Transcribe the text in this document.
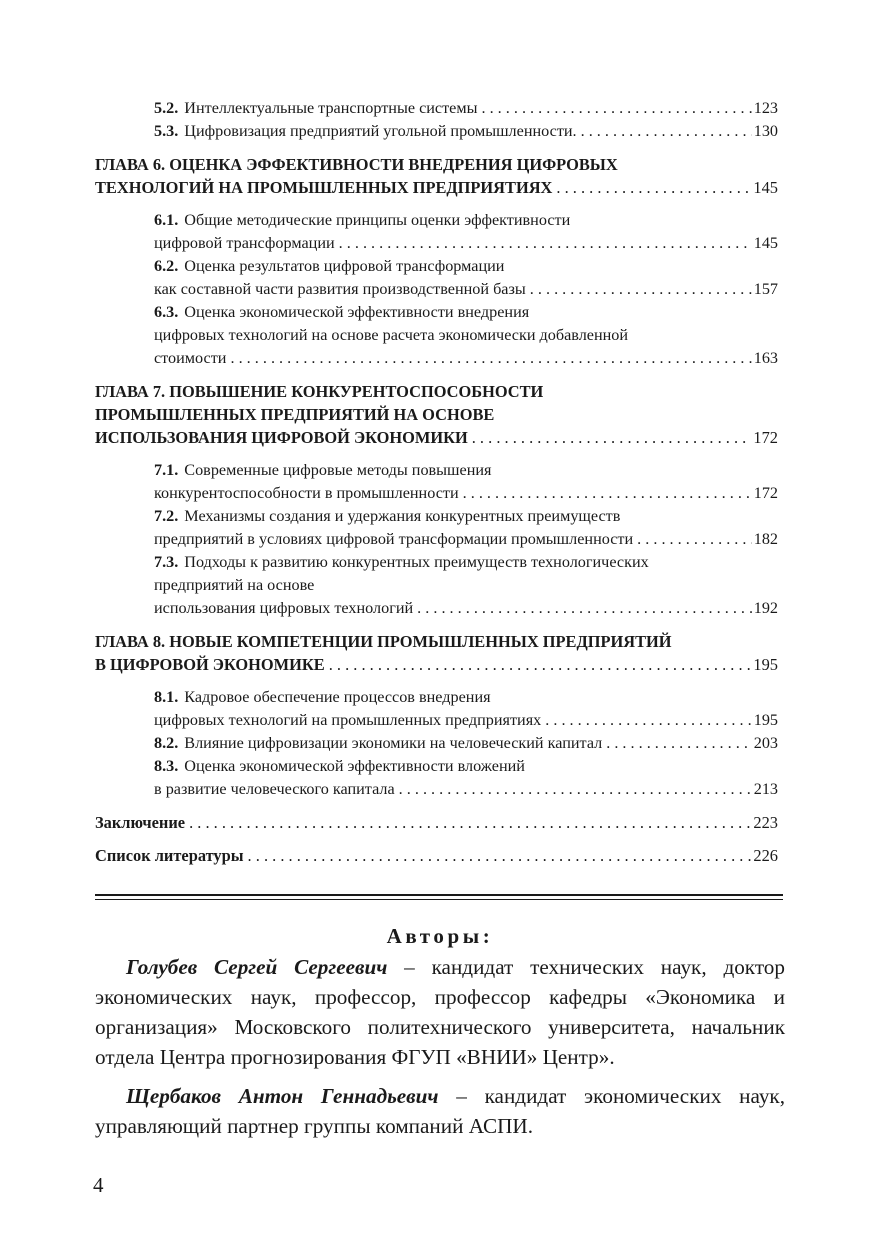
5.2. Интеллектуальные транспортные системы . . .	123
5.3. Цифровизация предприятий угольной промышленности. . . .	130
ГЛАВА 6. ОЦЕНКА ЭФФЕКТИВНОСТИ ВНЕДРЕНИЯ ЦИФРОВЫХ
ТЕХНОЛОГИЙ НА ПРОМЫШЛЕННЫХ ПРЕДПРИЯТИЯХ . . .	145
6.1. Общие методические принципы оценки эффективности
цифровой трансформации . . .	145
6.2. Оценка результатов цифровой трансформации
как составной части развития производственной базы . . .	157
6.3. Оценка экономической эффективности внедрения
цифровых технологий на основе расчета экономически добавленной
стоимости . . .	163
ГЛАВА 7. ПОВЫШЕНИЕ КОНКУРЕНТОСПОСОБНОСТИ
ПРОМЫШЛЕННЫХ ПРЕДПРИЯТИЙ НА ОСНОВЕ
ИСПОЛЬЗОВАНИЯ ЦИФРОВОЙ ЭКОНОМИКИ . . .	172
7.1. Современные цифровые методы повышения
конкурентоспособности в промышленности . . .	172
7.2. Механизмы создания и удержания конкурентных преимуществ
предприятий в условиях цифровой трансформации промышленности . . .	182
7.3. Подходы к развитию конкурентных преимуществ технологических
предприятий на основе
использования цифровых технологий . . .	192
ГЛАВА 8. НОВЫЕ КОМПЕТЕНЦИИ ПРОМЫШЛЕННЫХ ПРЕДПРИЯТИЙ
В ЦИФРОВОЙ ЭКОНОМИКЕ . . .	195
8.1. Кадровое обеспечение процессов внедрения
цифровых технологий на промышленных предприятиях . . .	195
8.2. Влияние цифровизации экономики на человеческий капитал . . .	203
8.3. Оценка экономической эффективности вложений
в развитие человеческого капитала . . .	213
Заключение . . .	223
Список литературы . . .	226
Авторы:

Голубев Сергей Сергеевич – кандидат технических наук, доктор экономических наук, профессор, профессор кафедры «Экономика и организация» Московского политехнического университета, начальник отдела Центра прогнозирования ФГУП «ВНИИ» Центр».

Щербаков Антон Геннадьевич – кандидат экономических наук, управляющий партнер группы компаний АСПИ.

4
